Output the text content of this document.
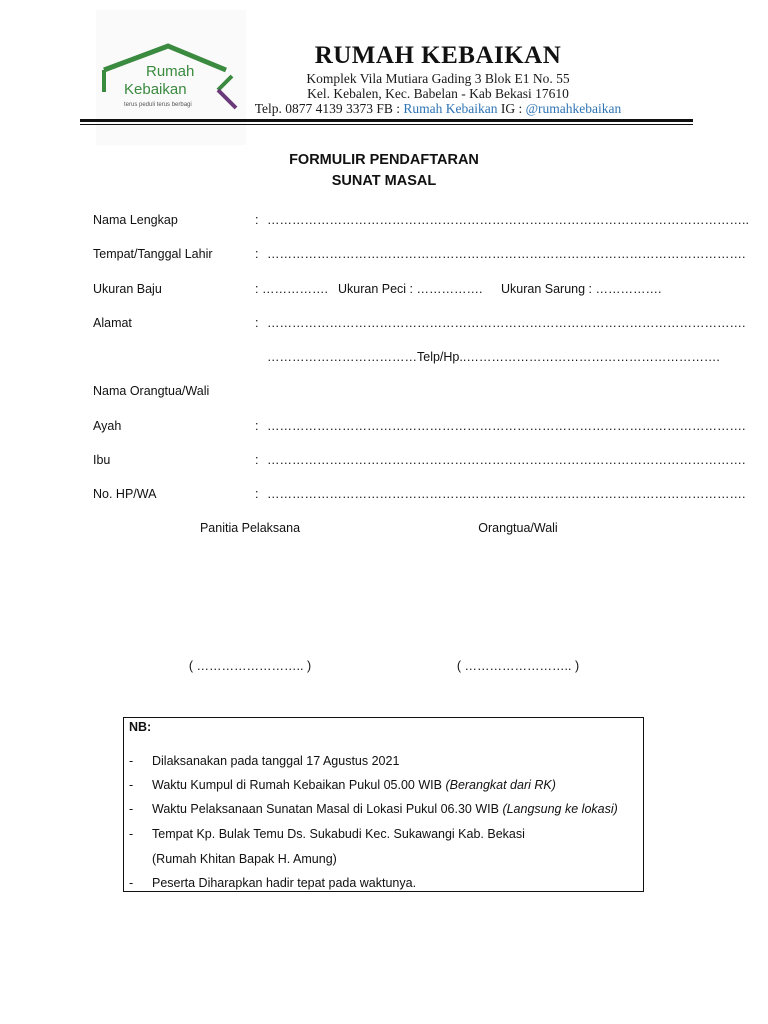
Rumah
Kebaikan
terus peduli terus berbagi
RUMAH KEBAIKAN
Komplek Vila Mutiara Gading 3 Blok E1 No. 55
Kel. Kebalen, Kec. Babelan - Kab Bekasi 17610
Telp. 0877 4139 3373 FB : Rumah Kebaikan IG : @rumahkebaikan
FORMULIR PENDAFTARAN
SUNAT MASAL
Nama Lengkap	: ……………………………………………………………………………………………………..
Tempat/Tanggal Lahir	: …………………………………………………………………………………………………….
Ukuran Baju	: ……………. Ukuran Peci : ……………. Ukuran Sarung : …………….
Alamat	: …………………………………………………………………………………………………….
………………………………Telp/Hp..…………………………………………………….
Nama Orangtua/Wali
Ayah	: …………………………………………………………………………………………………….
Ibu	: …………………………………………………………………………………………………….
No. HP/WA	: …………………………………………………………………………………………………….
Panitia Pelaksana	Orangtua/Wali
( …………………….. )	( …………………….. )
NB:
- Dilaksanakan pada tanggal 17 Agustus 2021
- Waktu Kumpul di Rumah Kebaikan Pukul 05.00 WIB (Berangkat dari RK)
- Waktu Pelaksanaan Sunatan Masal di Lokasi Pukul 06.30 WIB (Langsung ke lokasi)
- Tempat Kp. Bulak Temu Ds. Sukabudi Kec. Sukawangi Kab. Bekasi
(Rumah Khitan Bapak H. Amung)
- Peserta Diharapkan hadir tepat pada waktunya.
